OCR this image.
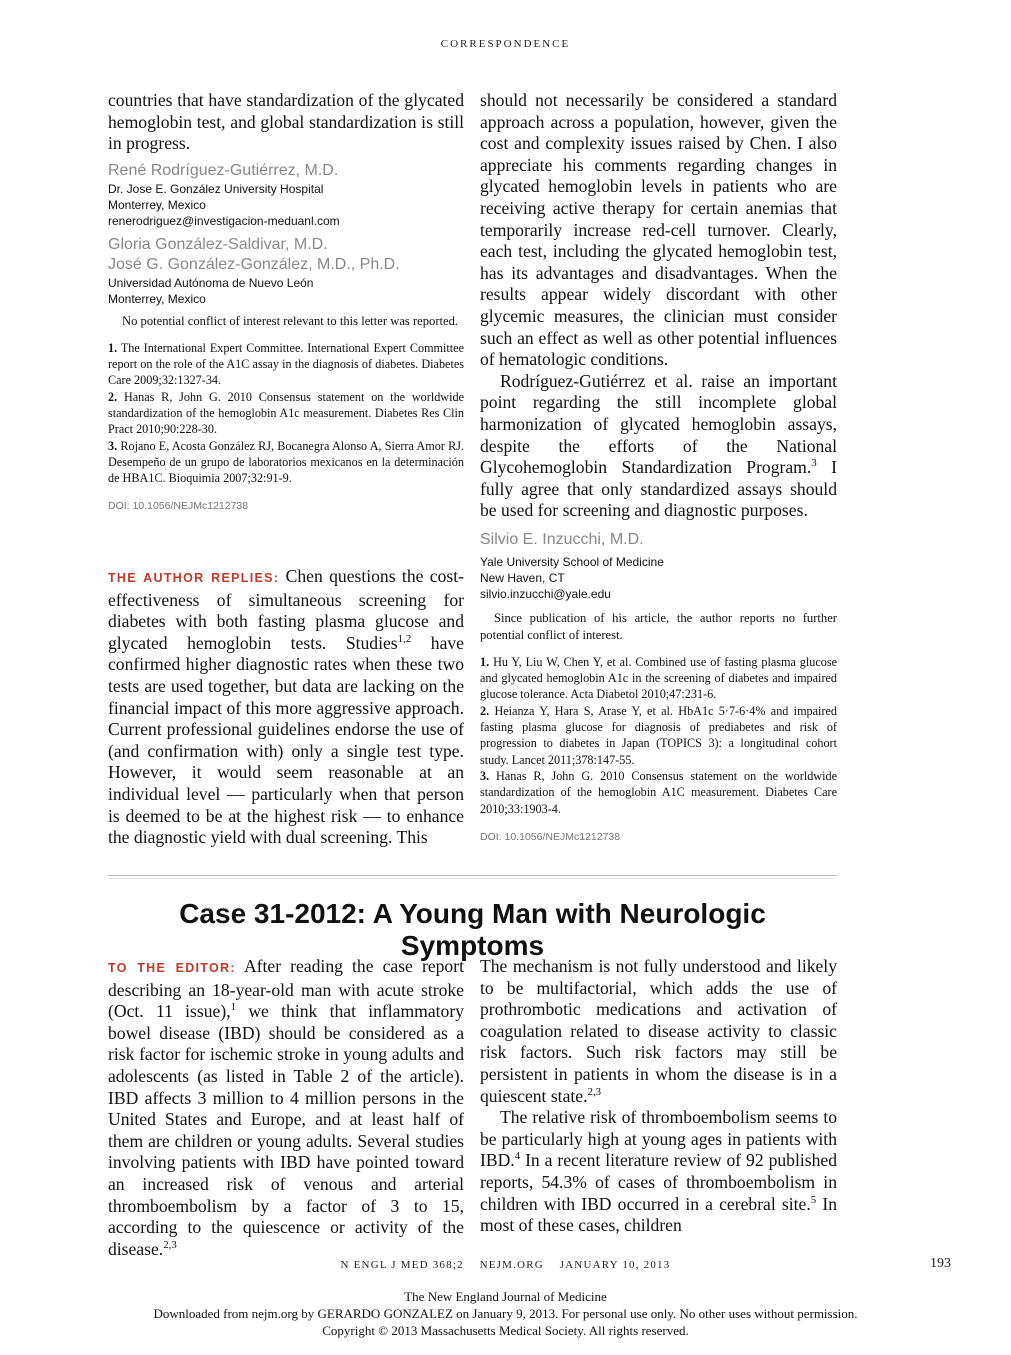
CORRESPONDENCE

countries that have standardization of the glycated hemoglobin test, and global standardization is still in progress.

René Rodríguez-Gutiérrez, M.D.
Dr. Jose E. González University Hospital
Monterrey, Mexico
renerodriguez@investigacion-meduanl.com
Gloria González-Saldivar, M.D.
José G. González-González, M.D., Ph.D.
Universidad Autónoma de Nuevo León
Monterrey, Mexico
No potential conflict of interest relevant to this letter was reported.
1. The International Expert Committee. International Expert Committee report on the role of the A1C assay in the diagnosis of diabetes. Diabetes Care 2009;32:1327-34.
2. Hanas R, John G. 2010 Consensus statement on the worldwide standardization of the hemoglobin A1c measurement. Diabetes Res Clin Pract 2010;90:228-30.
3. Rojano E, Acosta González RJ, Bocanegra Alonso A, Sierra Amor RJ. Desempeño de un grupo de laboratorios mexicanos en la determinación de HBA1C. Bioquimia 2007;32:91-9.
DOI: 10.1056/NEJMc1212738

THE AUTHOR REPLIES: Chen questions the cost-effectiveness of simultaneous screening for diabetes with both fasting plasma glucose and glycated hemoglobin tests. Studies$^{1,2}$ have confirmed higher diagnostic rates when these two tests are used together, but data are lacking on the financial impact of this more aggressive approach. Current professional guidelines endorse the use of (and confirmation with) only a single test type. However, it would seem reasonable at an individual level — particularly when that person is deemed to be at the highest risk — to enhance the diagnostic yield with dual screening. This

should not necessarily be considered a standard approach across a population, however, given the cost and complexity issues raised by Chen. I also appreciate his comments regarding changes in glycated hemoglobin levels in patients who are receiving active therapy for certain anemias that temporarily increase red-cell turnover. Clearly, each test, including the glycated hemoglobin test, has its advantages and disadvantages. When the results appear widely discordant with other glycemic measures, the clinician must consider such an effect as well as other potential influences of hematologic conditions.

Rodríguez-Gutiérrez et al. raise an important point regarding the still incomplete global harmonization of glycated hemoglobin assays, despite the efforts of the National Glycohemoglobin Standardization Program.$^3$ I fully agree that only standardized assays should be used for screening and diagnostic purposes.

Silvio E. Inzucchi, M.D.
Yale University School of Medicine
New Haven, CT
silvio.inzucchi@yale.edu
Since publication of his article, the author reports no further potential conflict of interest.
1. Hu Y, Liu W, Chen Y, et al. Combined use of fasting plasma glucose and glycated hemoglobin A1c in the screening of diabetes and impaired glucose tolerance. Acta Diabetol 2010;47:231-6.
2. Heianza Y, Hara S, Arase Y, et al. HbA1c 5·7-6·4% and impaired fasting plasma glucose for diagnosis of prediabetes and risk of progression to diabetes in Japan (TOPICS 3): a longitudinal cohort study. Lancet 2011;378:147-55.
3. Hanas R, John G. 2010 Consensus statement on the worldwide standardization of the hemoglobin A1C measurement. Diabetes Care 2010;33:1903-4.
DOI: 10.1056/NEJMc1212738
Case 31-2012: A Young Man with Neurologic Symptoms

TO THE EDITOR: After reading the case report describing an 18-year-old man with acute stroke (Oct. 11 issue),$^1$ we think that inflammatory bowel disease (IBD) should be considered as a risk factor for ischemic stroke in young adults and adolescents (as listed in Table 2 of the article). IBD affects 3 million to 4 million persons in the United States and Europe, and at least half of them are children or young adults. Several studies involving patients with IBD have pointed toward an increased risk of venous and arterial thromboembolism by a factor of 3 to 15, according to the quiescence or activity of the disease.$^{2,3}$

The mechanism is not fully understood and likely to be multifactorial, which adds the use of prothrombotic medications and activation of coagulation related to disease activity to classic risk factors. Such risk factors may still be persistent in patients in whom the disease is in a quiescent state.$^{2,3}$

The relative risk of thromboembolism seems to be particularly high at young ages in patients with IBD.$^4$ In a recent literature review of 92 published reports, 54.3% of cases of thromboembolism in children with IBD occurred in a cerebral site.$^5$ In most of these cases, children

N ENGL J MED 368;2    NEJM.ORG    JANUARY 10, 2013	193
The New England Journal of Medicine
Downloaded from nejm.org by GERARDO GONZALEZ on January 9, 2013. For personal use only. No other uses without permission.
Copyright © 2013 Massachusetts Medical Society. All rights reserved.
